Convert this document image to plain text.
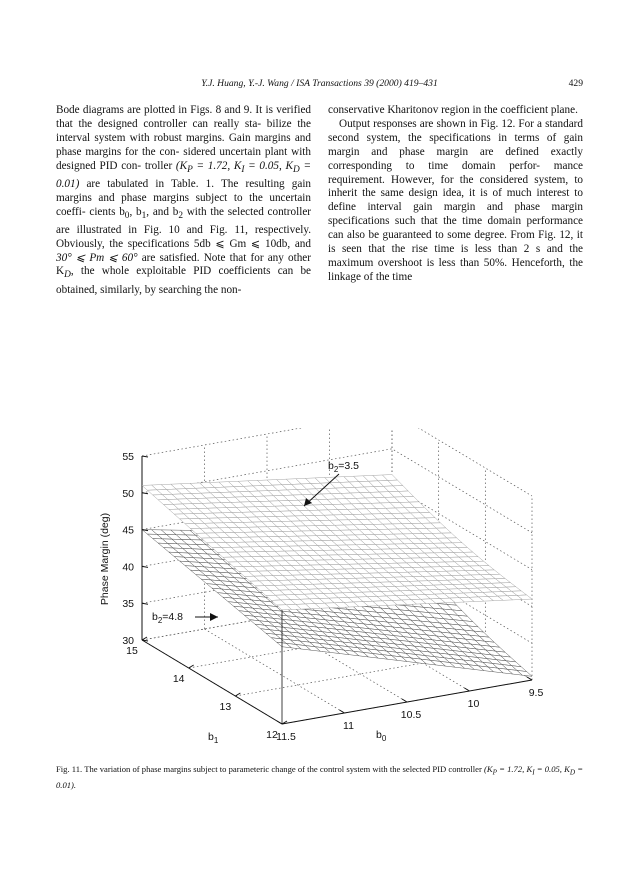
Y.J. Huang, Y.-J. Wang / ISA Transactions 39 (2000) 419–431	429

Bode diagrams are plotted in Figs. 8 and 9. It is verified that the designed controller can really sta- bilize the interval system with robust margins. Gain margins and phase margins for the con- sidered uncertain plant with designed PID con- troller ($K_P = 1.72$, $K_I = 0.05$, $K_D = 0.01$) are tabulated in Table. 1. The resulting gain margins and phase margins subject to the uncertain coeffi- cients $b_0$, $b_1$, and $b_2$ with the selected controller are illustrated in Fig. 10 and Fig. 11, respectively. Obviously, the specifications 5db ⩽ Gm ⩽ 10db, and 30° ⩽ Pm ⩽ 60° are satisfied. Note that for any other $K_D$, the whole exploitable PID coefficients can be obtained, similarly, by searching the non-

conservative Kharitonov region in the coefficient plane.

Output responses are shown in Fig. 12. For a standard second system, the specifications in terms of gain margin and phase margin are defined exactly corresponding to time domain perfor- mance requirement. However, for the considered system, to inherit the same design idea, it is of much interest to define interval gain margin and phase margin specifications such that the time domain performance can also be guaranteed to some degree. From Fig. 12, it is seen that the rise time is less than 2 s and the maximum overshoot is less than 50%. Henceforth, the linkage of the time

30
35
40
45
50
55
12
13
14
15
11.5
11
10.5
10
9.5
Phase Margin (deg)
$b_1$	$b_0$
$b_2=3.5$
$b_2=4.8$
Fig. 11. The variation of phase margins subject to parameteric change of the control system with the selected PID controller ($K_P = 1.72$, $K_I = 0.05$, $K_D = 0.01$).
